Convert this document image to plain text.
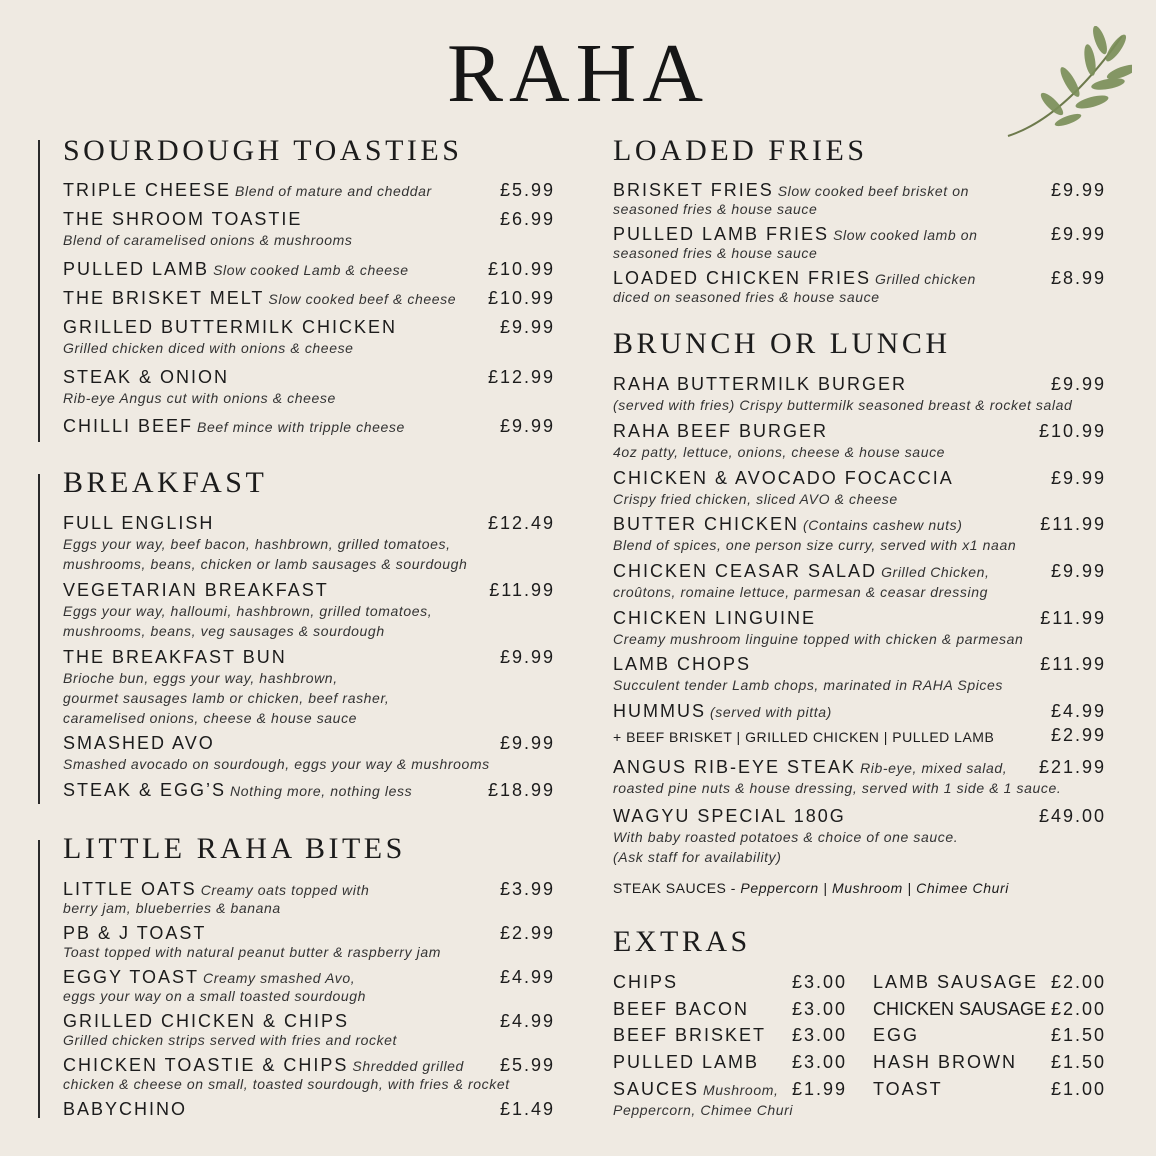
RAHA
SOURDOUGH TOASTIES
TRIPLE CHEESE Blend of mature and cheddar	£5.99
THE SHROOM TOASTIE
Blend of caramelised onions & mushrooms
£6.99
PULLED LAMB Slow cooked Lamb & cheese	£10.99
THE BRISKET MELT Slow cooked beef & cheese £10.99
GRILLED BUTTERMILK CHICKEN
Grilled chicken diced with onions & cheese
£9.99
STEAK & ONION
Rib-eye Angus cut with onions & cheese
£12.99
CHILLI BEEF Beef mince with tripple cheese	£9.99
BREAKFAST
FULL ENGLISH
Eggs your way, beef bacon, hashbrown, grilled tomatoes,
mushrooms, beans, chicken or lamb sausages & sourdough
£12.49
VEGETARIAN BREAKFAST
Eggs your way, halloumi, hashbrown, grilled tomatoes,
mushrooms, beans, veg sausages & sourdough
£11.99
THE BREAKFAST BUN
Brioche bun, eggs your way, hashbrown,
gourmet sausages lamb or chicken, beef rasher,
caramelised onions, cheese & house sauce
£9.99
SMASHED AVO
Smashed avocado on sourdough, eggs your way & mushrooms
£9.99
STEAK & EGG’S Nothing more, nothing less	£18.99
LITTLE RAHA BITES
LITTLE OATS Creamy oats topped with
berry jam, blueberries & banana
£3.99
PB & J TOAST
Toast topped with natural peanut butter & raspberry jam
£2.99
EGGY TOAST Creamy smashed Avo,
eggs your way on a small toasted sourdough
£4.99
GRILLED CHICKEN & CHIPS
Grilled chicken strips served with fries and rocket
£4.99
CHICKEN TOASTIE & CHIPS Shredded grilled
chicken & cheese on small, toasted sourdough, with fries & rocket
£5.99
BABYCHINO	£1.49
LOADED FRIES
BRISKET FRIES Slow cooked beef brisket on
seasoned fries & house sauce
£9.99
PULLED LAMB FRIES Slow cooked lamb on
seasoned fries & house sauce
£9.99
LOADED CHICKEN FRIES Grilled chicken
diced on seasoned fries & house sauce
£8.99
BRUNCH OR LUNCH
RAHA BUTTERMILK BURGER
(served with fries) Crispy buttermilk seasoned breast & rocket salad
£9.99
RAHA BEEF BURGER
4oz patty, lettuce, onions, cheese & house sauce
£10.99
CHICKEN & AVOCADO FOCACCIA
Crispy fried chicken, sliced AVO & cheese
£9.99
BUTTER CHICKEN (Contains cashew nuts)
Blend of spices, one person size curry, served with x1 naan
£11.99
CHICKEN CEASAR SALAD Grilled Chicken,
croûtons, romaine lettuce, parmesan & ceasar dressing
£9.99
CHICKEN LINGUINE
Creamy mushroom linguine topped with chicken & parmesan
£11.99
LAMB CHOPS
Succulent tender Lamb chops, marinated in RAHA Spices
£11.99
HUMMUS (served with pitta)	£4.99
+ BEEF BRISKET | GRILLED CHICKEN | PULLED LAMB	£2.99
ANGUS RIB-EYE STEAK Rib-eye, mixed salad,
roasted pine nuts & house dressing, served with 1 side & 1 sauce.
£21.99
WAGYU SPECIAL 180G
With baby roasted potatoes & choice of one sauce.
(Ask staff for availability)
£49.00
STEAK SAUCES - Peppercorn | Mushroom | Chimee Churi
EXTRAS
CHIPS	£3.00
BEEF BACON £3.00
BEEF BRISKET £3.00
PULLED LAMB £3.00
SAUCES Mushroom,
Peppercorn, Chimee Churi
£1.99
LAMB SAUSAGE £2.00
CHICKEN SAUSAGE £2.00
EGG	£1.50
HASH BROWN £1.50
TOAST	£1.00
